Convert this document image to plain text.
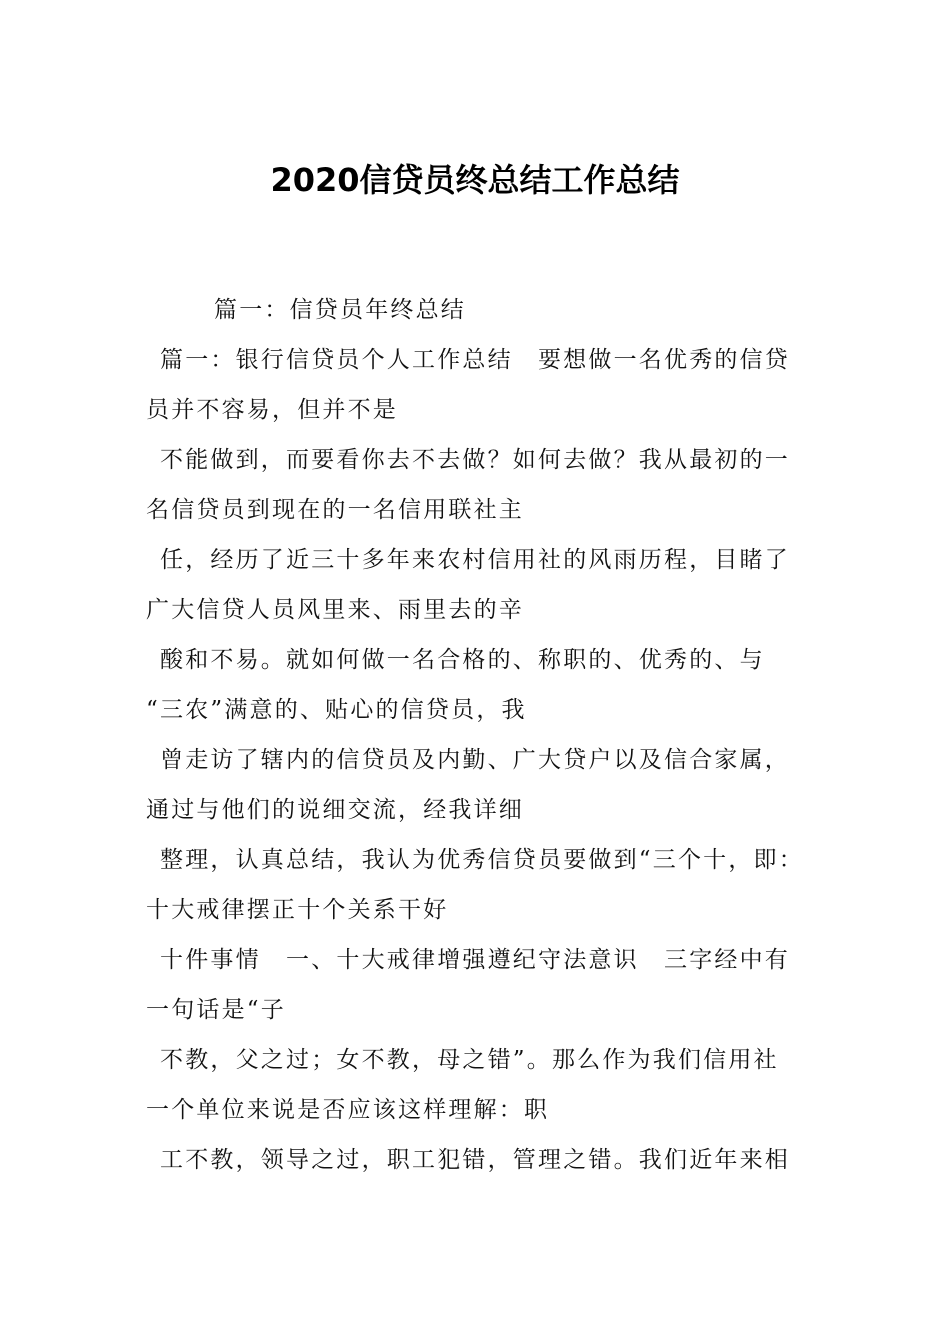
2020信贷员终总结工作总结
篇一：信贷员年终总结
篇一：银行信贷员个人工作总结　要想做一名优秀的信贷
员并不容易，但并不是
不能做到，而要看你去不去做？如何去做？我从最初的一
名信贷员到现在的一名信用联社主
任，经历了近三十多年来农村信用社的风雨历程，目睹了
广大信贷人员风里来、雨里去的辛
酸和不易。就如何做一名合格的、称职的、优秀的、与
“三农”满意的、贴心的信贷员，我
曾走访了辖内的信贷员及内勤、广大贷户以及信合家属，
通过与他们的说细交流，经我详细
整理，认真总结，我认为优秀信贷员要做到“三个十，即：
十大戒律摆正十个关系干好
十件事情　一、十大戒律增强遵纪守法意识　三字经中有
一句话是“子
不教，父之过；女不教，母之错”。那么作为我们信用社
一个单位来说是否应该这样理解：职
工不教，领导之过，职工犯错，管理之错。我们近年来相
